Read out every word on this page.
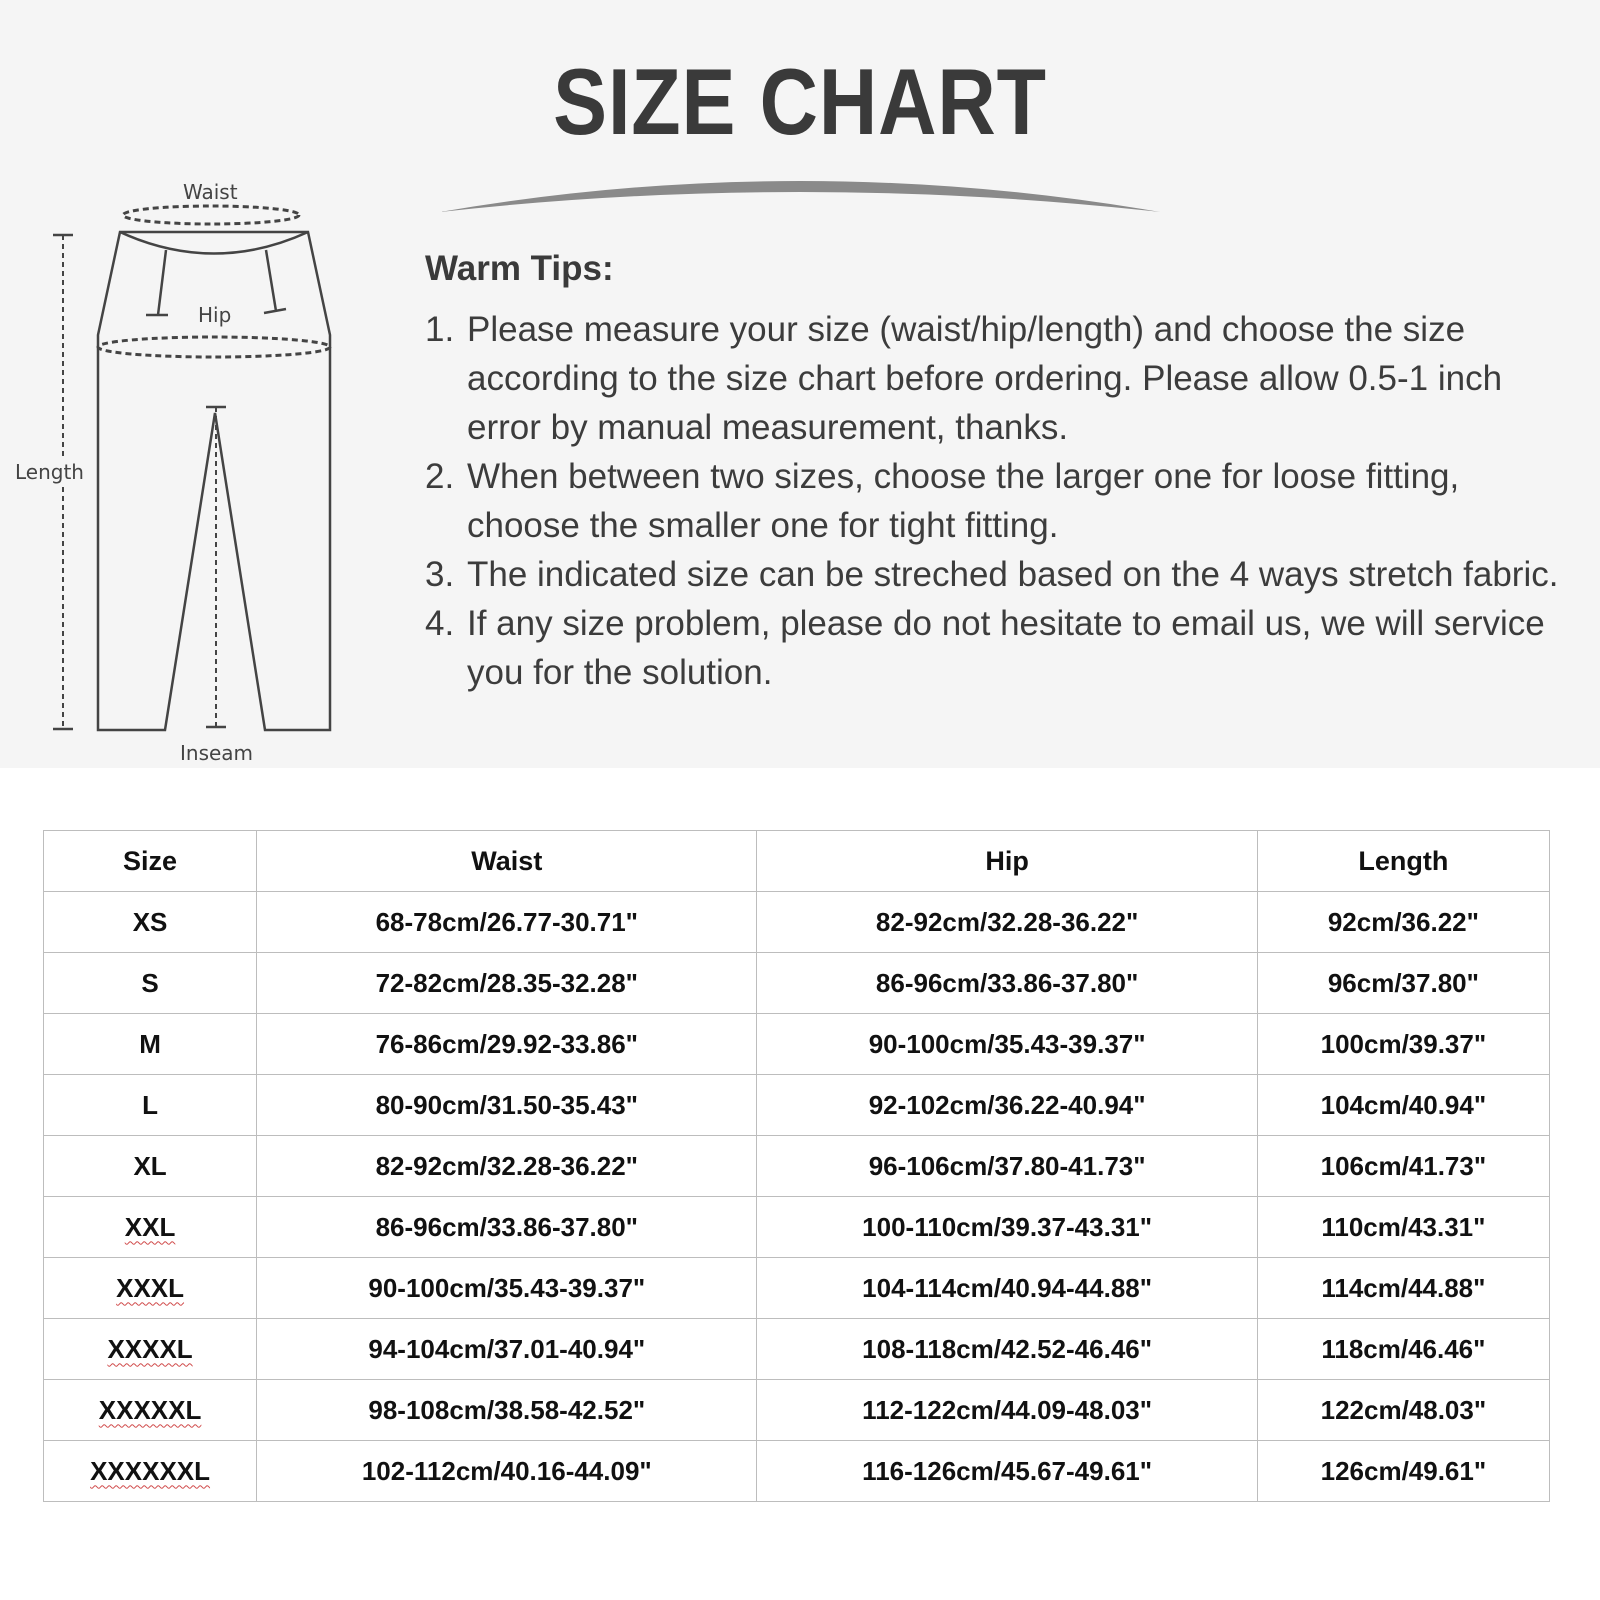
SIZE CHART
Waist
Hip
Length
Inseam
Warm Tips:
1. Please measure your size (waist/hip/length) and choose the size according to the size chart before ordering. Please allow 0.5-1 inch error by manual measurement, thanks.
2. When between two sizes, choose the larger one for loose fitting, choose the smaller one for tight fitting.
3. The indicated size can be streched based on the 4 ways stretch fabric.
4. If any size problem, please do not hesitate to email us, we will service you for the solution.
Size	Waist	Hip	Length
XS	68-78cm/26.77-30.71"	82-92cm/32.28-36.22"	92cm/36.22"
S	72-82cm/28.35-32.28"	86-96cm/33.86-37.80"	96cm/37.80"
M	76-86cm/29.92-33.86"	90-100cm/35.43-39.37"	100cm/39.37"
L	80-90cm/31.50-35.43"	92-102cm/36.22-40.94"	104cm/40.94"
XL	82-92cm/32.28-36.22"	96-106cm/37.80-41.73"	106cm/41.73"
XXL	86-96cm/33.86-37.80"	100-110cm/39.37-43.31"	110cm/43.31"
XXXL	90-100cm/35.43-39.37"	104-114cm/40.94-44.88"	114cm/44.88"
XXXXL	94-104cm/37.01-40.94"	108-118cm/42.52-46.46"	118cm/46.46"
XXXXXL	98-108cm/38.58-42.52"	112-122cm/44.09-48.03"	122cm/48.03"
XXXXXXL	102-112cm/40.16-44.09"	116-126cm/45.67-49.61"	126cm/49.61"
